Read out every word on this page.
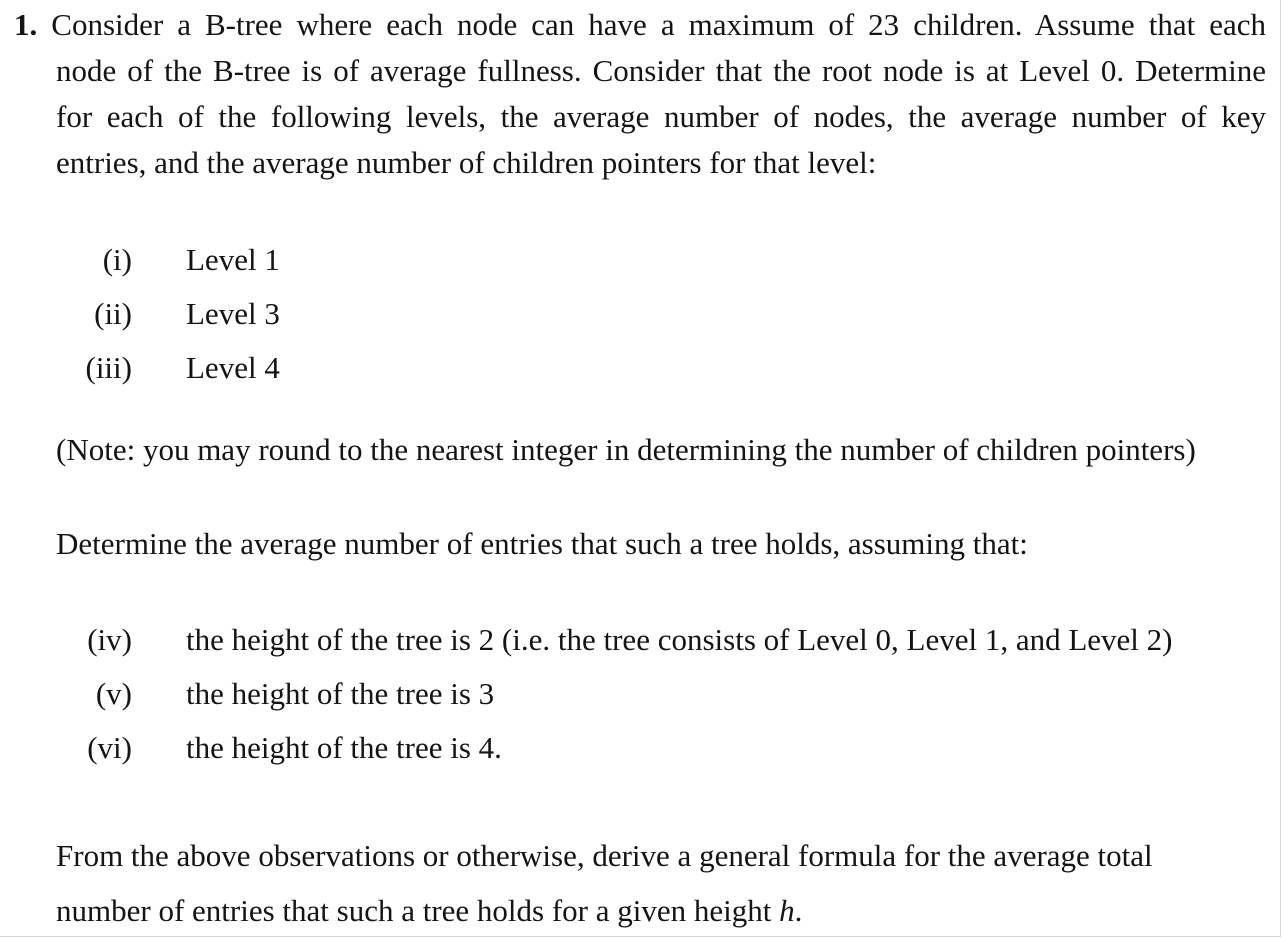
1. Consider a B-tree where each node can have a maximum of 23 children. Assume that each
node of the B-tree is of average fullness. Consider that the root node is at Level 0. Determine
for each of the following levels, the average number of nodes, the average number of key
entries, and the average number of children pointers for that level:
(i) Level 1
(ii) Level 3
(iii) Level 4
(Note: you may round to the nearest integer in determining the number of children pointers)
Determine the average number of entries that such a tree holds, assuming that:
(iv) the height of the tree is 2 (i.e. the tree consists of Level 0, Level 1, and Level 2)
(v) the height of the tree is 3
(vi) the height of the tree is 4.
From the above observations or otherwise, derive a general formula for the average total
number of entries that such a tree holds for a given height h.
